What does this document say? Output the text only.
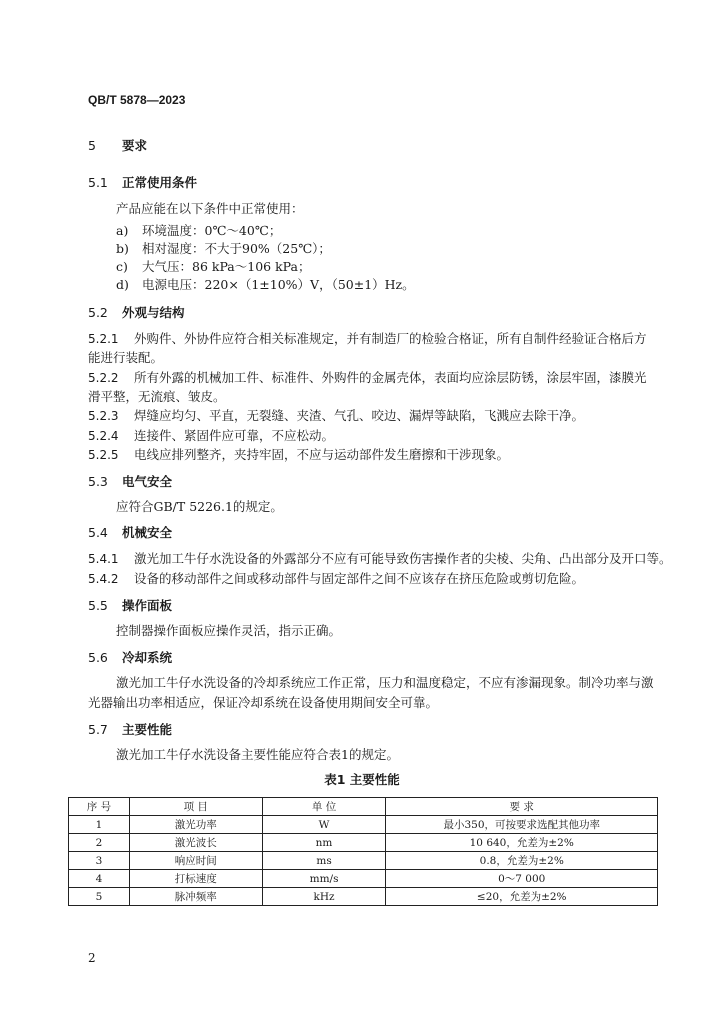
QB/T 5878—2023
5 要求
5.1 正常使用条件
产品应能在以下条件中正常使用：
a) 环境温度：0℃～40℃；
b) 相对湿度：不大于90%（25℃）；
c) 大气压：86 kPa～106 kPa；
d) 电源电压：220×（1±10%）V，（50±1）Hz。
5.2 外观与结构
5.2.1 外购件、外协件应符合相关标准规定，并有制造厂的检验合格证，所有自制件经验证合格后方
能进行装配。
5.2.2 所有外露的机械加工件、标准件、外购件的金属壳体，表面均应涂层防锈，涂层牢固，漆膜光
滑平整，无流痕、皱皮。
5.2.3 焊缝应均匀、平直，无裂缝、夹渣、气孔、咬边、漏焊等缺陷，飞溅应去除干净。
5.2.4 连接件、紧固件应可靠，不应松动。
5.2.5 电线应排列整齐，夹持牢固，不应与运动部件发生磨擦和干涉现象。
5.3 电气安全
应符合GB/T 5226.1的规定。
5.4 机械安全
5.4.1 激光加工牛仔水洗设备的外露部分不应有可能导致伤害操作者的尖棱、尖角、凸出部分及开口等。
5.4.2 设备的移动部件之间或移动部件与固定部件之间不应该存在挤压危险或剪切危险。
5.5 操作面板
控制器操作面板应操作灵活，指示正确。
5.6 冷却系统
激光加工牛仔水洗设备的冷却系统应工作正常，压力和温度稳定，不应有渗漏现象。制冷功率与激
光器输出功率相适应，保证冷却系统在设备使用期间安全可靠。
5.7 主要性能
激光加工牛仔水洗设备主要性能应符合表1的规定。
表1 主要性能
序 号	项 目	单 位	要 求
1	激光功率	W	最小350，可按要求选配其他功率
2	激光波长	nm	10 640，允差为±2%
3	响应时间	ms	0.8，允差为±2%
4	打标速度	mm/s	0～7 000
5	脉冲频率	kHz	≤20，允差为±2%
2
